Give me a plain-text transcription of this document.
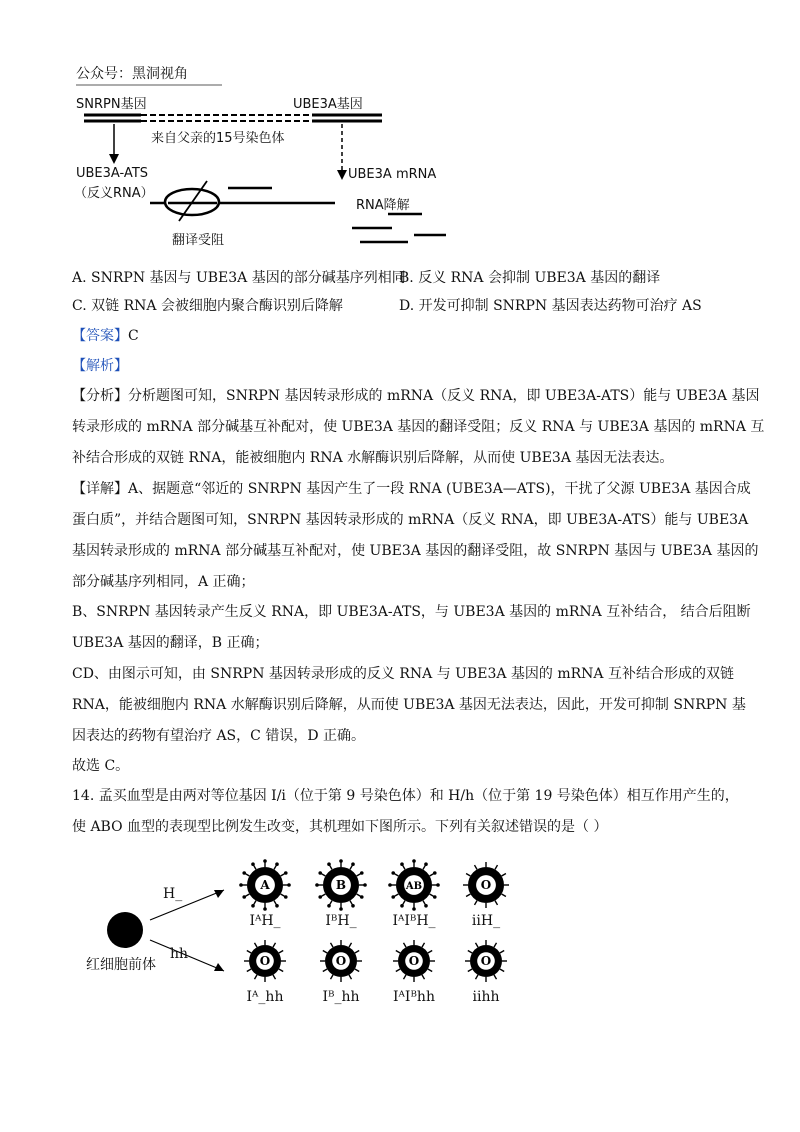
公众号：黑洞视角
SNRPN基因	UBE3A基因
来自父亲的15号染色体
UBE3A-ATS
（反义RNA）
UBE3A mRNA
RNA降解
翻译受阻
A. SNRPN 基因与 UBE3A 基因的部分碱基序列相同
B. 反义 RNA 会抑制 UBE3A 基因的翻译
C. 双链 RNA 会被细胞内聚合酶识别后降解	D. 开发可抑制 SNRPN 基因表达药物可治疗 AS
【答案】C
【解析】
【分析】分析题图可知，SNRPN 基因转录形成的 mRNA（反义 RNA，即 UBE3A-ATS）能与 UBE3A 基因
转录形成的 mRNA 部分碱基互补配对，使 UBE3A 基因的翻译受阻；反义 RNA 与 UBE3A 基因的 mRNA 互
补结合形成的双链 RNA，能被细胞内 RNA 水解酶识别后降解，从而使 UBE3A 基因无法表达。
【详解】A、据题意“邻近的 SNRPN 基因产生了一段 RNA (UBE3A—ATS)，干扰了父源 UBE3A 基因合成
蛋白质”，并结合题图可知，SNRPN 基因转录形成的 mRNA（反义 RNA，即 UBE3A-ATS）能与 UBE3A
基因转录形成的 mRNA 部分碱基互补配对，使 UBE3A 基因的翻译受阻，故 SNRPN 基因与 UBE3A 基因的
部分碱基序列相同，A 正确；
B、SNRPN 基因转录产生反义 RNA，即 UBE3A-ATS，与 UBE3A 基因的 mRNA 互补结合， 结合后阻断
UBE3A 基因的翻译，B 正确；
CD、由图示可知，由 SNRPN 基因转录形成的反义 RNA 与 UBE3A 基因的 mRNA 互补结合形成的双链
RNA，能被细胞内 RNA 水解酶识别后降解，从而使 UBE3A 基因无法表达，因此，开发可抑制 SNRPN 基
因表达的药物有望治疗 AS，C 错误，D 正确。
故选 C。
14. 孟买血型是由两对等位基因 I/i（位于第 9 号染色体）和 H/h（位于第 19 号染色体）相互作用产生的，
使 ABO 血型的表现型比例发生改变，其机理如下图所示。下列有关叙述错误的是（ ）
A	B	AB	O
O	O	O	O
红细胞前体
H_
hh
IᴬH_	IᴮH_	IᴬIᴮH_	iiH_
Iᴬ_hh	Iᴮ_hh	IᴬIᴮhh	iihh
